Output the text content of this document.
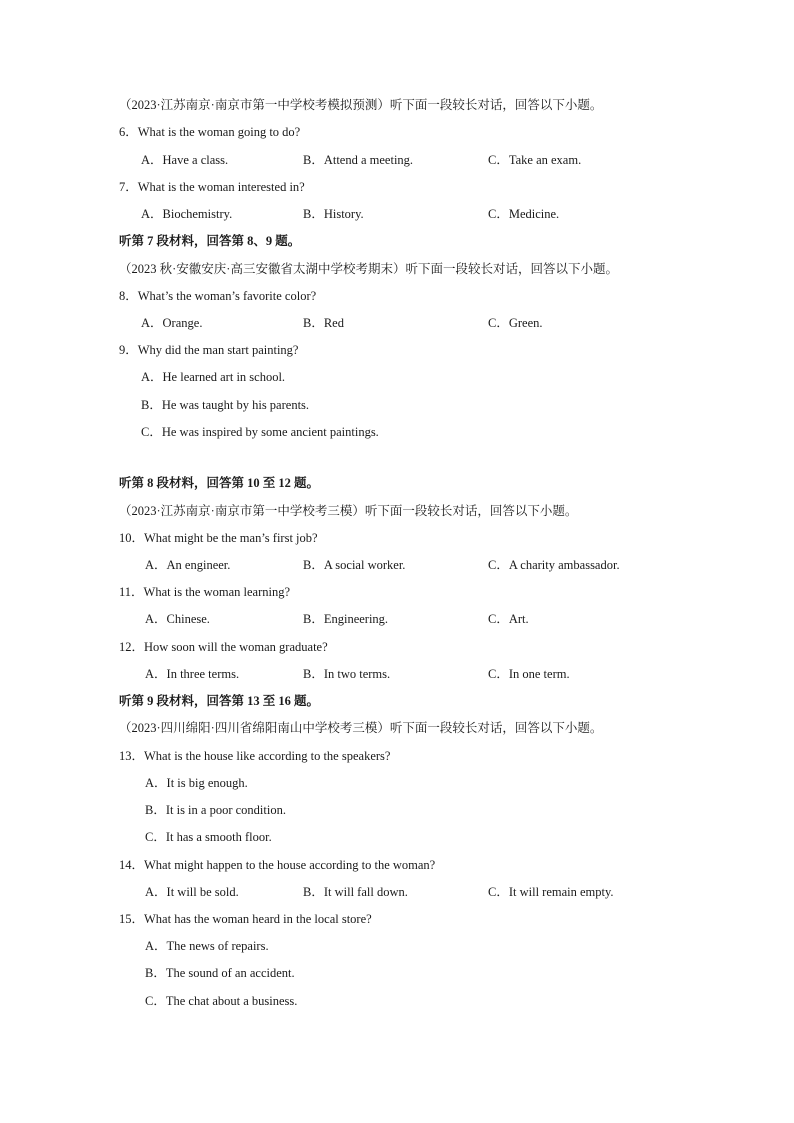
（2023·江苏南京·南京市第一中学校考模拟预测）听下面一段较长对话，回答以下小题。
6．What is the woman going to do?
A．Have a class.	B．Attend a meeting.	C．Take an exam.
7．What is the woman interested in?
A．Biochemistry.	B．History.	C．Medicine.
听第 7 段材料，回答第 8、9 题。
（2023 秋·安徽安庆·高三安徽省太湖中学校考期末）听下面一段较长对话，回答以下小题。
8．What’s the woman’s favorite color?
A．Orange.	B．Red	C．Green.
9．Why did the man start painting?
A．He learned art in school.
B．He was taught by his parents.
C．He was inspired by some ancient paintings.
听第 8 段材料，回答第 10 至 12 题。
（2023·江苏南京·南京市第一中学校考三模）听下面一段较长对话，回答以下小题。
10．What might be the man’s first job?
A．An engineer.	B．A social worker.	C．A charity ambassador.
11．What is the woman learning?
A．Chinese.	B．Engineering.	C．Art.
12．How soon will the woman graduate?
A．In three terms.	B．In two terms.	C．In one term.
听第 9 段材料，回答第 13 至 16 题。
（2023·四川绵阳·四川省绵阳南山中学校考三模）听下面一段较长对话，回答以下小题。
13．What is the house like according to the speakers?
A．It is big enough.
B．It is in a poor condition.
C．It has a smooth floor.
14．What might happen to the house according to the woman?
A．It will be sold.	B．It will fall down.	C．It will remain empty.
15．What has the woman heard in the local store?
A．The news of repairs.
B．The sound of an accident.
C．The chat about a business.
